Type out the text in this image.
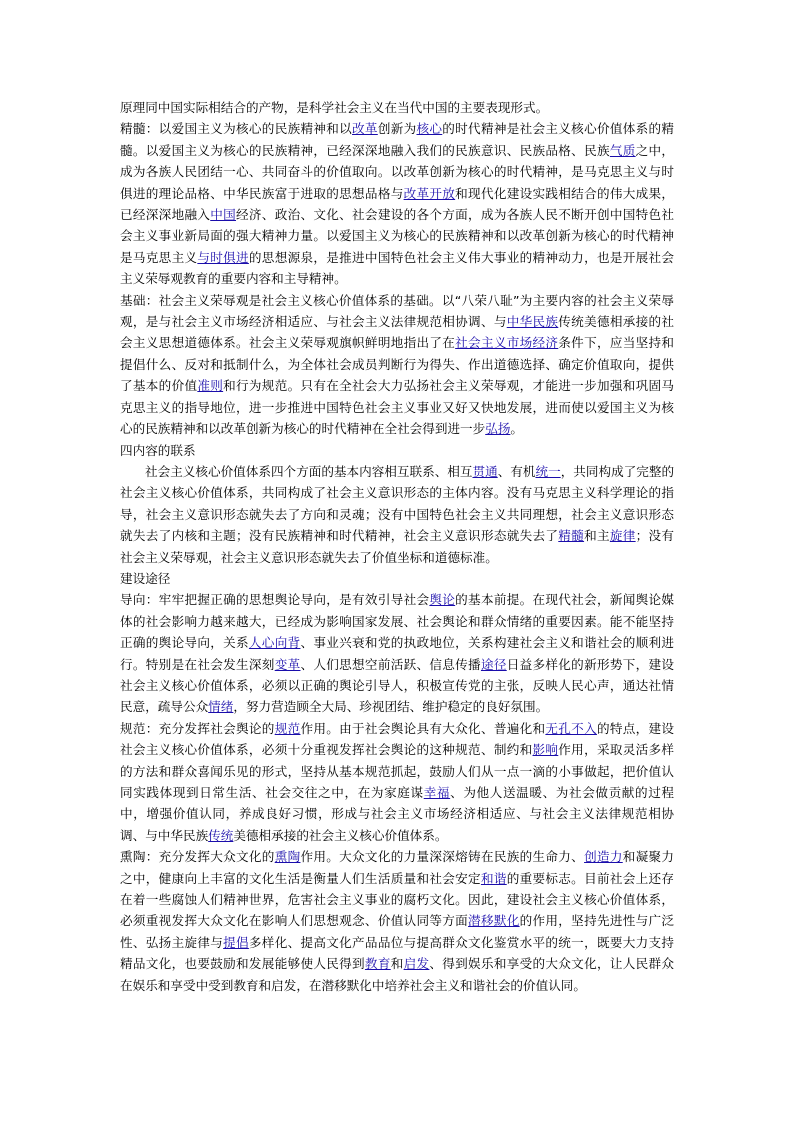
原理同中国实际相结合的产物，是科学社会主义在当代中国的主要表现形式。

精髓：以爱国主义为核心的民族精神和以改革创新为核心的时代精神是社会主义核心价值体系的精髓。以爱国主义为核心的民族精神，已经深深地融入我们的民族意识、民族品格、民族气质之中，成为各族人民团结一心、共同奋斗的价值取向。以改革创新为核心的时代精神，是马克思主义与时俱进的理论品格、中华民族富于进取的思想品格与改革开放和现代化建设实践相结合的伟大成果，已经深深地融入中国经济、政治、文化、社会建设的各个方面，成为各族人民不断开创中国特色社会主义事业新局面的强大精神力量。以爱国主义为核心的民族精神和以改革创新为核心的时代精神是马克思主义与时俱进的思想源泉，是推进中国特色社会主义伟大事业的精神动力，也是开展社会主义荣辱观教育的重要内容和主导精神。

基础：社会主义荣辱观是社会主义核心价值体系的基础。以“八荣八耻”为主要内容的社会主义荣辱观，是与社会主义市场经济相适应、与社会主义法律规范相协调、与中华民族传统美德相承接的社会主义思想道德体系。社会主义荣辱观旗帜鲜明地指出了在社会主义市场经济条件下，应当坚持和提倡什么、反对和抵制什么，为全体社会成员判断行为得失、作出道德选择、确定价值取向，提供了基本的价值准则和行为规范。只有在全社会大力弘扬社会主义荣辱观，才能进一步加强和巩固马克思主义的指导地位，进一步推进中国特色社会主义事业又好又快地发展，进而使以爱国主义为核心的民族精神和以改革创新为核心的时代精神在全社会得到进一步弘扬。

四内容的联系

社会主义核心价值体系四个方面的基本内容相互联系、相互贯通、有机统一，共同构成了完整的社会主义核心价值体系，共同构成了社会主义意识形态的主体内容。没有马克思主义科学理论的指导，社会主义意识形态就失去了方向和灵魂；没有中国特色社会主义共同理想，社会主义意识形态就失去了内核和主题；没有民族精神和时代精神，社会主义意识形态就失去了精髓和主旋律；没有社会主义荣辱观，社会主义意识形态就失去了价值坐标和道德标准。

建设途径

导向：牢牢把握正确的思想舆论导向，是有效引导社会舆论的基本前提。在现代社会，新闻舆论媒体的社会影响力越来越大，已经成为影响国家发展、社会舆论和群众情绪的重要因素。能不能坚持正确的舆论导向，关系人心向背、事业兴衰和党的执政地位，关系构建社会主义和谐社会的顺利进行。特别是在社会发生深刻变革、人们思想空前活跃、信息传播途径日益多样化的新形势下，建设社会主义核心价值体系，必须以正确的舆论引导人，积极宣传党的主张，反映人民心声，通达社情民意，疏导公众情绪，努力营造顾全大局、珍视团结、维护稳定的良好氛围。

规范：充分发挥社会舆论的规范作用。由于社会舆论具有大众化、普遍化和无孔不入的特点，建设社会主义核心价值体系，必须十分重视发挥社会舆论的这种规范、制约和影响作用，采取灵活多样的方法和群众喜闻乐见的形式，坚持从基本规范抓起，鼓励人们从一点一滴的小事做起，把价值认同实践体现到日常生活、社会交往之中，在为家庭谋幸福、为他人送温暖、为社会做贡献的过程中，增强价值认同，养成良好习惯，形成与社会主义市场经济相适应、与社会主义法律规范相协调、与中华民族传统美德相承接的社会主义核心价值体系。

熏陶：充分发挥大众文化的熏陶作用。大众文化的力量深深熔铸在民族的生命力、创造力和凝聚力之中，健康向上丰富的文化生活是衡量人们生活质量和社会安定和谐的重要标志。目前社会上还存在着一些腐蚀人们精神世界，危害社会主义事业的腐朽文化。因此，建设社会主义核心价值体系，必须重视发挥大众文化在影响人们思想观念、价值认同等方面潜移默化的作用，坚持先进性与广泛性、弘扬主旋律与提倡多样化、提高文化产品品位与提高群众文化鉴赏水平的统一，既要大力支持精品文化，也要鼓励和发展能够使人民得到教育和启发、得到娱乐和享受的大众文化，让人民群众在娱乐和享受中受到教育和启发，在潜移默化中培养社会主义和谐社会的价值认同。
